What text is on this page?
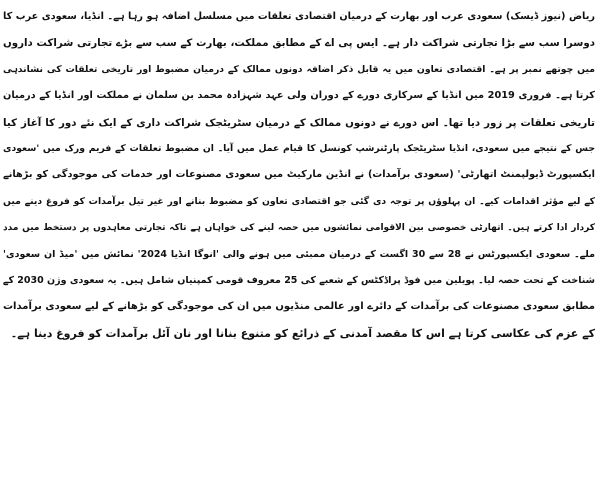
ریاض (نیوز ڈیسک) سعودی عرب اور بھارت کے درمیان اقتصادی تعلقات میں مسلسل اضافہ ہو رہا ہے۔ انڈیا، سعودی عرب کا
دوسرا سب سے بڑا تجارتی شراکت دار ہے۔ ایس پی اے کے مطابق مملکت، بھارت کے سب سے بڑے تجارتی شراکت داروں
میں چوتھے نمبر پر ہے۔ اقتصادی تعاون میں یہ قابل ذکر اضافہ دونوں ممالک کے درمیان مضبوط اور تاریخی تعلقات کی نشاندہی
کرتا ہے۔ فروری 2019 میں انڈیا کے سرکاری دورے کے دوران ولی عہد شہزادہ محمد بن سلمان نے مملکت اور انڈیا کے درمیان
تاریخی تعلقات پر زور دیا تھا۔ اس دورے نے دونوں ممالک کے درمیان سٹریٹجک شراکت داری کے ایک نئے دور کا آغاز کیا
جس کے نتیجے میں سعودی، انڈیا سٹریٹجک پارٹنرشپ کونسل کا قیام عمل میں آیا۔ ان مضبوط تعلقات کے فریم ورک میں 'سعودی
ایکسپورٹ ڈیولپمنٹ اتھارٹی' (سعودی برآمدات) نے انڈین مارکیٹ میں سعودی مصنوعات اور خدمات کی موجودگی کو بڑھانے
کے لیے مؤثر اقدامات کیے۔ ان پہلوؤں پر توجہ دی گئی جو اقتصادی تعاون کو مضبوط بنانے اور غیر تیل برآمدات کو فروغ دینے میں
کردار ادا کرتے ہیں۔ اتھارٹی خصوصی بین الاقوامی نمائشوں میں حصہ لینے کی خواہاں ہے تاکہ تجارتی معاہدوں پر دستخط میں مدد
ملے۔ سعودی ایکسپورٹس نے 28 سے 30 اگست کے درمیان ممبئی میں ہونے والی 'انوگا انڈیا 2024' نمائش میں 'میڈ ان سعودی'
شناخت کے تحت حصہ لیا۔ پویلین میں فوڈ پراڈکٹس کے شعبے کی 25 معروف قومی کمپنیاں شامل ہیں۔ یہ سعودی وژن 2030 کے
مطابق سعودی مصنوعات کی برآمدات کے دائرے اور عالمی منڈیوں میں ان کی موجودگی کو بڑھانے کے لیے سعودی برآمدات
کے عزم کی عکاسی کرتا ہے اس کا مقصد آمدنی کے ذرائع کو متنوع بنانا اور نان آئل برآمدات کو فروغ دینا ہے۔
